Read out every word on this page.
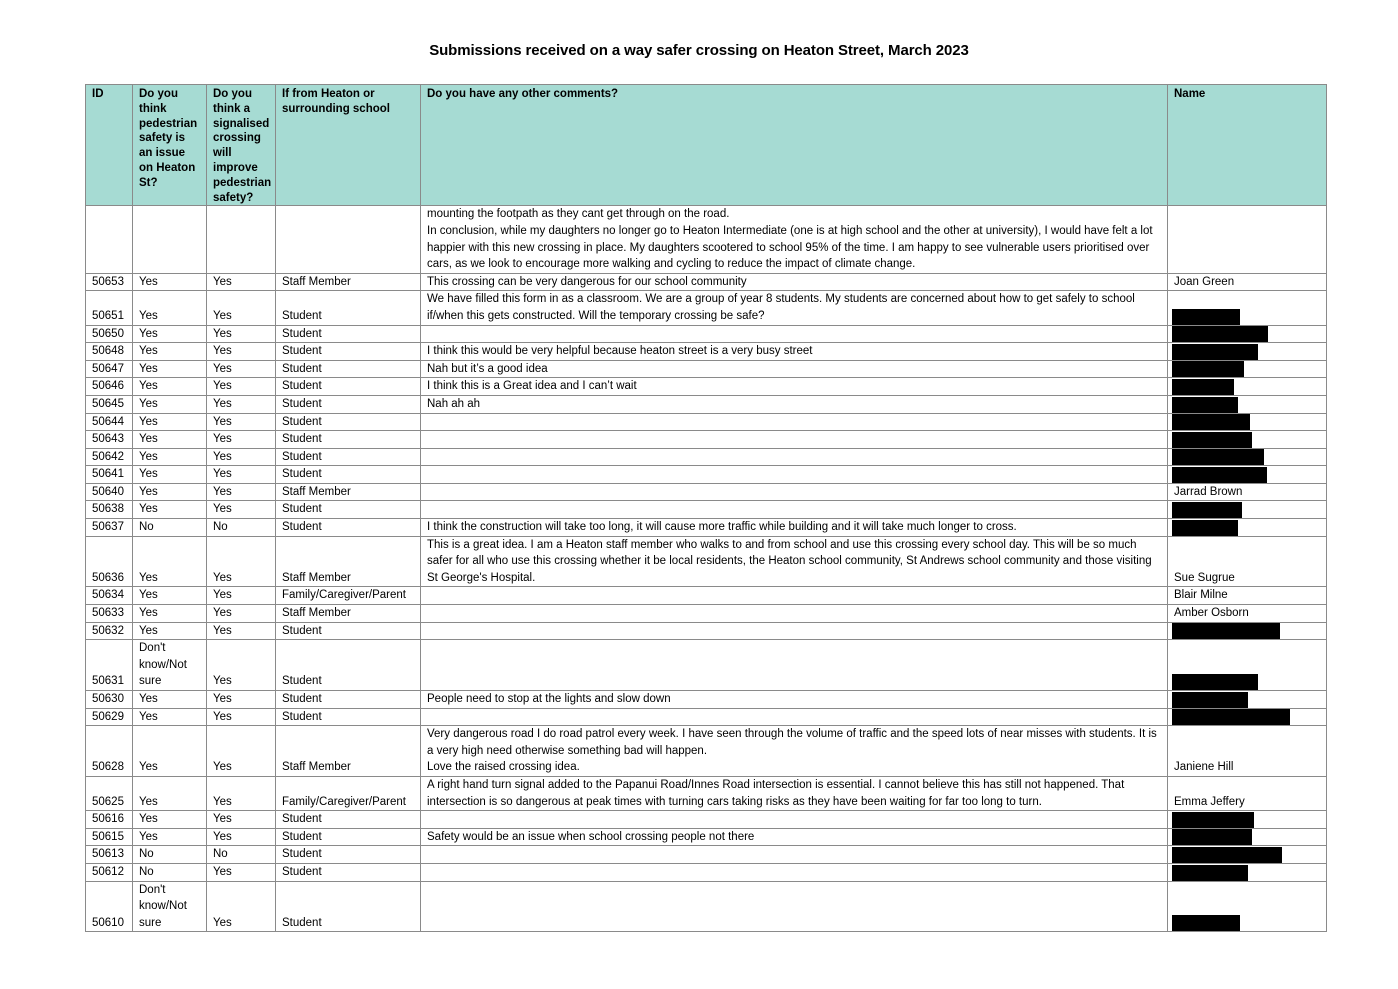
Submissions received on a way safer crossing on Heaton Street, March 2023
ID	Do you think pedestrian safety is an issue on Heaton St?	Do you think a signalised crossing will improve pedestrian safety?	If from Heaton or surrounding school	Do you have any other comments?	Name
				mounting the footpath as they cant get through on the road.
In conclusion, while my daughters no longer go to Heaton Intermediate (one is at high school and the other at university), I would have felt a lot happier with this new crossing in place. My daughters scootered to school 95% of the time. I am happy to see vulnerable users prioritised over cars, as we look to encourage more walking and cycling to reduce the impact of climate change.	

50653	Yes	Yes	Staff Member	This crossing can be very dangerous for our school community	Joan Green

50651	Yes	Yes	Student	We have filled this form in as a classroom. We are a group of year 8 students. My students are concerned about how to get safely to school if/when this gets constructed. Will the temporary crossing be safe?	

50650	Yes	Yes	Student		

50648	Yes	Yes	Student	I think this would be very helpful because heaton street is a very busy street	

50647	Yes	Yes	Student	Nah but it’s a good idea	

50646	Yes	Yes	Student	I think this is a Great idea and I can’t wait	

50645	Yes	Yes	Student	Nah ah ah	

50644	Yes	Yes	Student		

50643	Yes	Yes	Student		

50642	Yes	Yes	Student		

50641	Yes	Yes	Student		

50640	Yes	Yes	Staff Member		Jarrad Brown

50638	Yes	Yes	Student		

50637	No	No	Student	I think the construction will take too long, it will cause more traffic while building and it will take much longer to cross.	

50636	Yes	Yes	Staff Member	This is a great idea. I am a Heaton staff member who walks to and from school and use this crossing every school day. This will be so much safer for all who use this crossing whether it be local residents, the Heaton school community, St Andrews school community and those visiting St George's Hospital.	Sue Sugrue

50634	Yes	Yes	Family/Caregiver/Parent		Blair Milne

50633	Yes	Yes	Staff Member		Amber Osborn

50632	Yes	Yes	Student		

50631	Don't know/Not sure	Yes	Student		

50630	Yes	Yes	Student	People need to stop at the lights and slow down	

50629	Yes	Yes	Student		

50628	Yes	Yes	Staff Member	Very dangerous road I do road patrol every week. I have seen through the volume of traffic and the speed lots of near misses with students. It is a very high need otherwise something bad will happen.
Love the raised crossing idea.	Janiene Hill

50625	Yes	Yes	Family/Caregiver/Parent	A right hand turn signal added to the Papanui Road/Innes Road intersection is essential. I cannot believe this has still not happened. That intersection is so dangerous at peak times with turning cars taking risks as they have been waiting for far too long to turn.	Emma Jeffery

50616	Yes	Yes	Student		

50615	Yes	Yes	Student	Safety would be an issue when school crossing people not there	

50613	No	No	Student		

50612	No	Yes	Student		

50610	Don't know/Not sure	Yes	Student		
